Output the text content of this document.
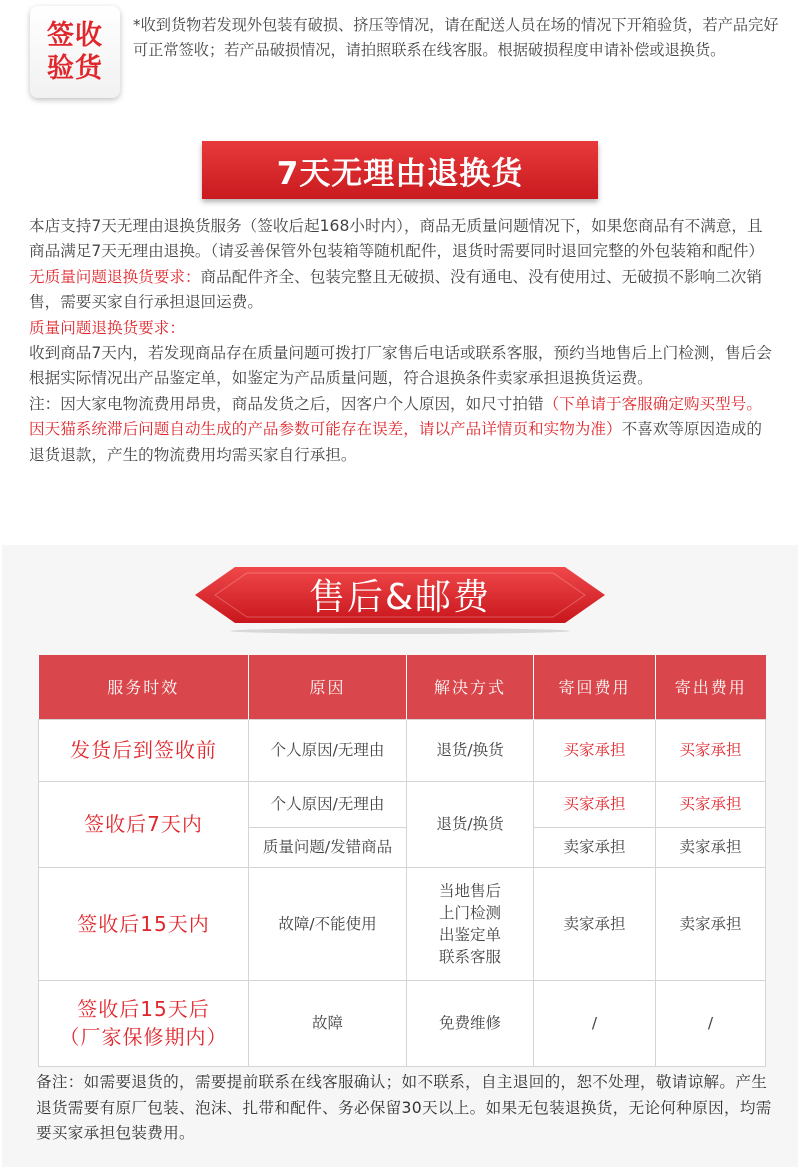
签收
验货

*收到货物若发现外包装有破损、挤压等情况，请在配送人员在场的情况下开箱验货，若产品完好可正常签收；若产品破损情况，请拍照联系在线客服。根据破损程度申请补偿或退换货。

7天无理由退换货

本店支持7天无理由退换货服务（签收后起168小时内），商品无质量问题情况下，如果您商品有不满意，且商品满足7天无理由退换。（请妥善保管外包装箱等随机配件，退货时需要同时退回完整的外包装箱和配件）

无质量问题退换货要求：商品配件齐全、包装完整且无破损、没有通电、没有使用过、无破损不影响二次销售，需要买家自行承担退回运费。

质量问题退换货要求：

收到商品7天内，若发现商品存在质量问题可拨打厂家售后电话或联系客服，预约当地售后上门检测，售后会根据实际情况出产品鉴定单，如鉴定为产品质量问题，符合退换条件卖家承担退换货运费。

注：因大家电物流费用昂贵，商品发货之后，因客户个人原因，如尺寸拍错（下单请于客服确定购买型号。因天猫系统滞后问题自动生成的产品参数可能存在误差，请以产品详情页和实物为准）不喜欢等原因造成的退货退款，产生的物流费用均需买家自行承担。

售后&邮费
服务时效	原因	解决方式	寄回费用	寄出费用
发货后到签收前	个人原因/无理由	退货/换货	买家承担	买家承担
签收后7天内	个人原因/无理由	退货/换货	买家承担	买家承担
	质量问题/发错商品		卖家承担	卖家承担
签收后15天内	故障/不能使用	当地售后
上门检测
出鉴定单
联系客服	卖家承担	卖家承担

签收后15天后
（厂家保修期内）	故障	免费维修	/	/

备注：如需要退货的，需要提前联系在线客服确认；如不联系，自主退回的，恕不处理，敬请谅解。产生退货需要有原厂包装、泡沫、扎带和配件、务必保留30天以上。如果无包装退换货，无论何种原因，均需要买家承担包装费用。
